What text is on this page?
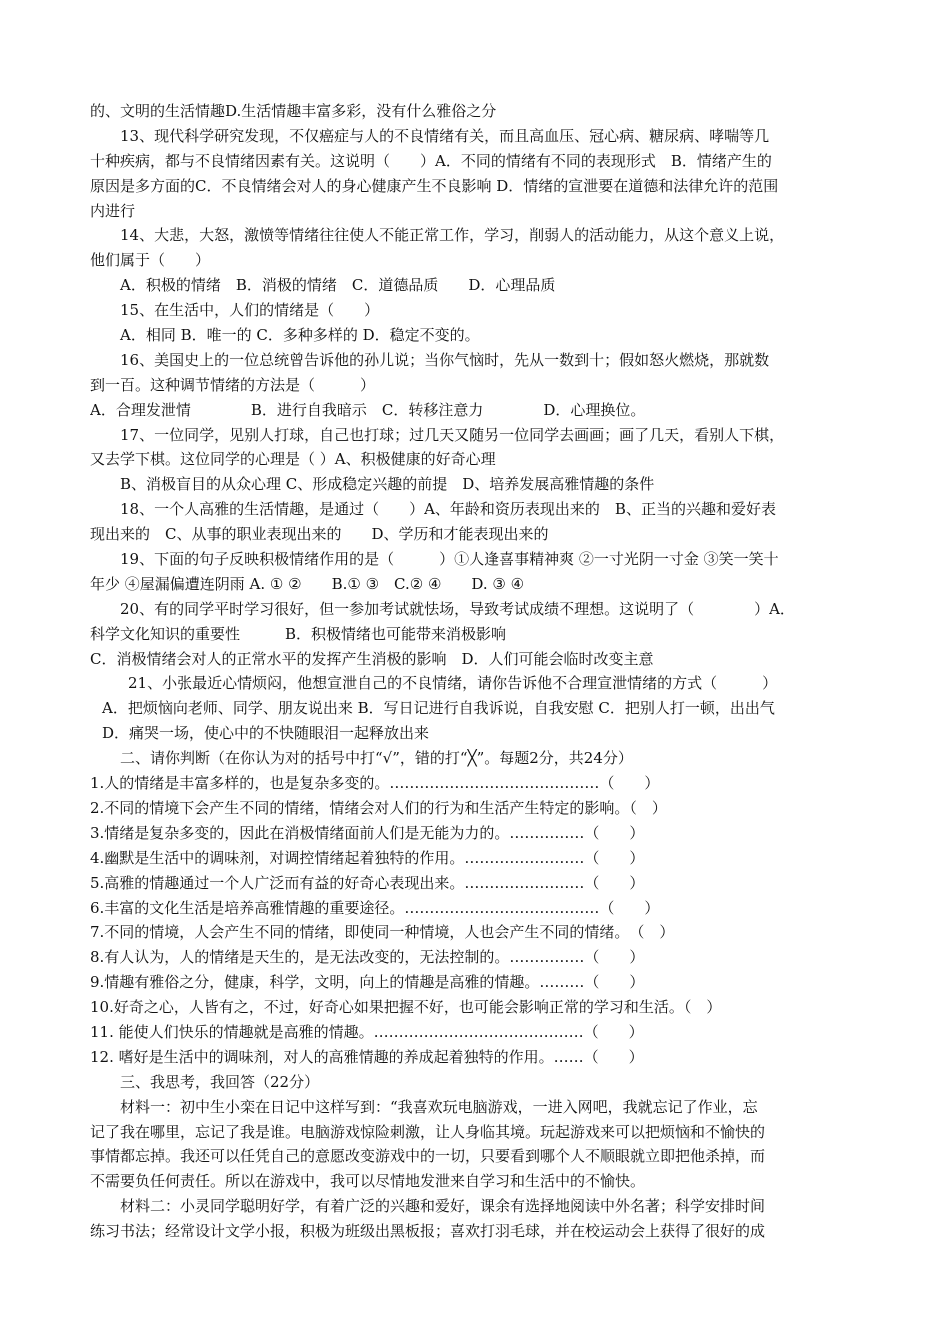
的、文明的生活情趣D.生活情趣丰富多彩，没有什么雅俗之分
13、现代科学研究发现，不仅癌症与人的不良情绪有关，而且高血压、冠心病、糖尿病、哮喘等几
十种疾病，都与不良情绪因素有关。这说明（　　）A．不同的情绪有不同的表现形式　B．情绪产生的
原因是多方面的C．不良情绪会对人的身心健康产生不良影响 D．情绪的宣泄要在道德和法律允许的范围
内进行
14、大悲，大怒，激愤等情绪往往使人不能正常工作，学习，削弱人的活动能力，从这个意义上说，
他们属于（　　）
A．积极的情绪　B．消极的情绪　C．道德品质　　D．心理品质
15、在生活中，人们的情绪是（　　）
A．相同 B．唯一的 C．多种多样的 D．稳定不变的。
16、美国史上的一位总统曾告诉他的孙儿说；当你气恼时，先从一数到十；假如怒火燃烧，那就数
到一百。这种调节情绪的方法是（　　　）
A．合理发泄情　　　　B．进行自我暗示　C．转移注意力　　　　D．心理换位。
17、一位同学，见别人打球，自己也打球；过几天又随另一位同学去画画；画了几天，看别人下棋，
又去学下棋。这位同学的心理是（ ）A、积极健康的好奇心理
B、消极盲目的从众心理 C、形成稳定兴趣的前提　D、培养发展高雅情趣的条件
18、一个人高雅的生活情趣，是通过（　　）A、年龄和资历表现出来的　B、正当的兴趣和爱好表
现出来的　C、从事的职业表现出来的　　D、学历和才能表现出来的
19、下面的句子反映积极情绪作用的是（　　　）①人逢喜事精神爽 ②一寸光阴一寸金 ③笑一笑十
年少 ④屋漏偏遭连阴雨 A. ① ②　　B.① ③　C.② ④　　D. ③ ④
20、有的同学平时学习很好，但一参加考试就怯场，导致考试成绩不理想。这说明了（　　　　）A．
科学文化知识的重要性　　　B．积极情绪也可能带来消极影响
C．消极情绪会对人的正常水平的发挥产生消极的影响　D．人们可能会临时改变主意
21、小张最近心情烦闷，他想宣泄自己的不良情绪，请你告诉他不合理宣泄情绪的方式（　　　）
A．把烦恼向老师、同学、朋友说出来 B．写日记进行自我诉说，自我安慰 C．把别人打一顿，出出气
D．痛哭一场，使心中的不快随眼泪一起释放出来
二、请你判断（在你认为对的括号中打“√”，错的打“╳”。每题2分，共24分）
1.人的情绪是丰富多样的，也是复杂多变的。……………………………………（　　）
2.不同的情境下会产生不同的情绪，情绪会对人们的行为和生活产生特定的影响。（　）
3.情绪是复杂多变的，因此在消极情绪面前人们是无能为力的。……………（　　）
4.幽默是生活中的调味剂，对调控情绪起着独特的作用。……………………（　　）
5.高雅的情趣通过一个人广泛而有益的好奇心表现出来。……………………（　　）
6.丰富的文化生活是培养高雅情趣的重要途径。…………………………………（　　）
7.不同的情境，人会产生不同的情绪，即使同一种情境，人也会产生不同的情绪。　（　）
8.有人认为，人的情绪是天生的，是无法改变的，无法控制的。……………（　　）
9.情趣有雅俗之分，健康，科学，文明，向上的情趣是高雅的情趣。………（　　）
10.好奇之心，人皆有之，不过，好奇心如果把握不好，也可能会影响正常的学习和生活。（　）
11. 能使人们快乐的情趣就是高雅的情趣。……………………………………（　　）
12. 嗜好是生活中的调味剂，对人的高雅情趣的养成起着独特的作用。……（　　）
三、我思考，我回答（22分）
材料一：初中生小栾在日记中这样写到：“我喜欢玩电脑游戏，一进入网吧，我就忘记了作业，忘
记了我在哪里，忘记了我是谁。电脑游戏惊险刺激，让人身临其境。玩起游戏来可以把烦恼和不愉快的
事情都忘掉。我还可以任凭自己的意愿改变游戏中的一切，只要看到哪个人不顺眼就立即把他杀掉，而
不需要负任何责任。所以在游戏中，我可以尽情地发泄来自学习和生活中的不愉快。
材料二：小灵同学聪明好学，有着广泛的兴趣和爱好，课余有选择地阅读中外名著；科学安排时间
练习书法；经常设计文学小报，积极为班级出黑板报；喜欢打羽毛球，并在校运动会上获得了很好的成
